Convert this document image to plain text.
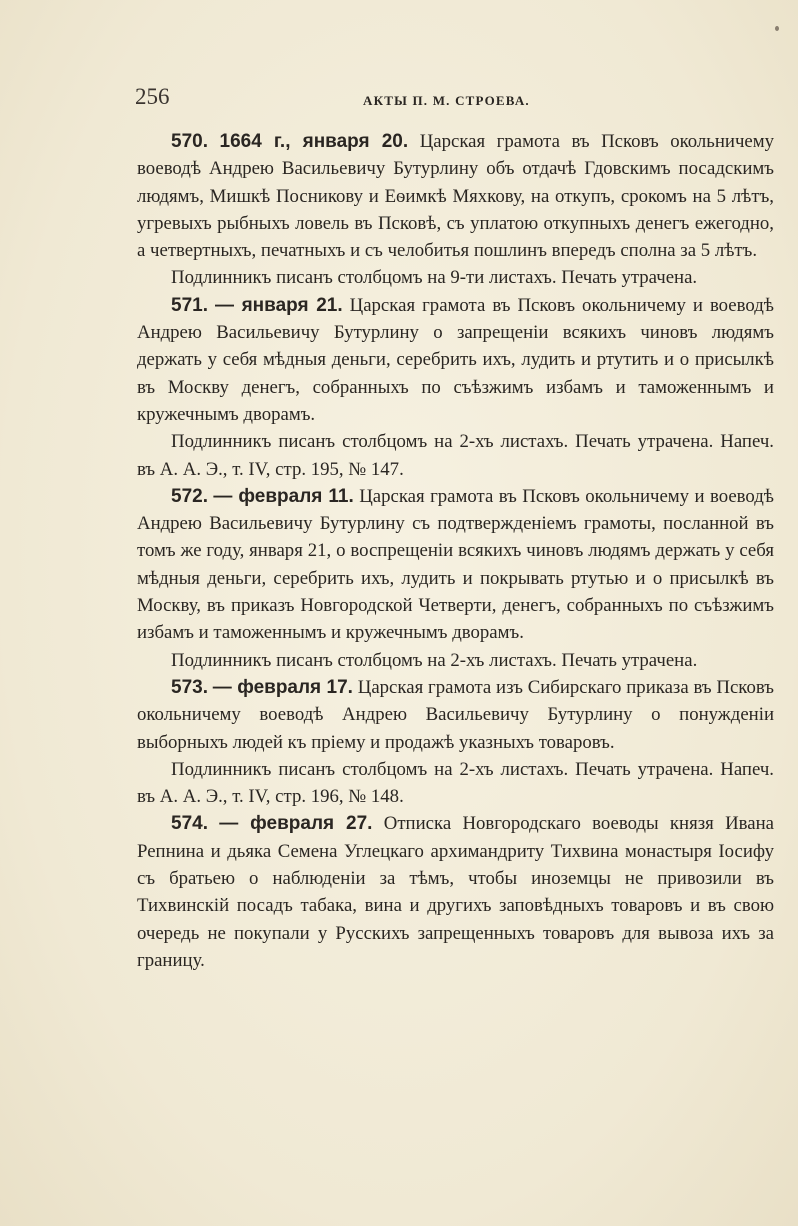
256	АКТЫ П. М. СТРОЕВА.

570. 1664 г., января 20. Царская грамота въ Псковъ окольничему воеводѣ Андрею Васильевичу Бутурлину объ отдачѣ Гдовскимъ посадскимъ людямъ, Мишкѣ Посникову и Еѳимкѣ Мяхкову, на откупъ, срокомъ на 5 лѣтъ, угревыхъ рыбныхъ ловель въ Псковѣ, съ уплатою откупныхъ денегъ ежегодно, а четвертныхъ, печатныхъ и съ челобитья пошлинъ впередъ сполна за 5 лѣтъ.

Подлинникъ писанъ столбцомъ на 9-ти листахъ. Печать утрачена.

571. — января 21. Царская грамота въ Псковъ окольничему и воеводѣ Андрею Васильевичу Бутурлину о запрещеніи всякихъ чиновъ людямъ держать у себя мѣдныя деньги, серебрить ихъ, лудить и ртутить и о присылкѣ въ Москву денегъ, собранныхъ по съѣзжимъ избамъ и таможеннымъ и кружечнымъ дворамъ.

Подлинникъ писанъ столбцомъ на 2-хъ листахъ. Печать утрачена. Напеч. въ А. А. Э., т. IV, стр. 195, № 147.

572. — февраля 11. Царская грамота въ Псковъ окольничему и воеводѣ Андрею Васильевичу Бутурлину съ подтвержденіемъ грамоты, посланной въ томъ же году, января 21, о воспрещеніи всякихъ чиновъ людямъ держать у себя мѣдныя деньги, серебрить ихъ, лудить и покрывать ртутью и о присылкѣ въ Москву, въ приказъ Новгородской Четверти, денегъ, собранныхъ по съѣзжимъ избамъ и таможеннымъ и кружечнымъ дворамъ.

Подлинникъ писанъ столбцомъ на 2-хъ листахъ. Печать утрачена.

573. — февраля 17. Царская грамота изъ Сибирскаго приказа въ Псковъ окольничему воеводѣ Андрею Васильевичу Бутурлину о понужденіи выборныхъ людей къ пріему и продажѣ указныхъ товаровъ.

Подлинникъ писанъ столбцомъ на 2-хъ листахъ. Печать утрачена. Напеч. въ А. А. Э., т. IV, стр. 196, № 148.

574. — февраля 27. Отписка Новгородскаго воеводы князя Ивана Репнина и дьяка Семена Углецкаго архимандриту Тихвина монастыря Іосифу съ братьею о наблюденіи за тѣмъ, чтобы иноземцы не привозили въ Тихвинскій посадъ табака, вина и другихъ заповѣдныхъ товаровъ и въ свою очередь не покупали у Русскихъ запрещенныхъ товаровъ для вывоза ихъ за границу.
